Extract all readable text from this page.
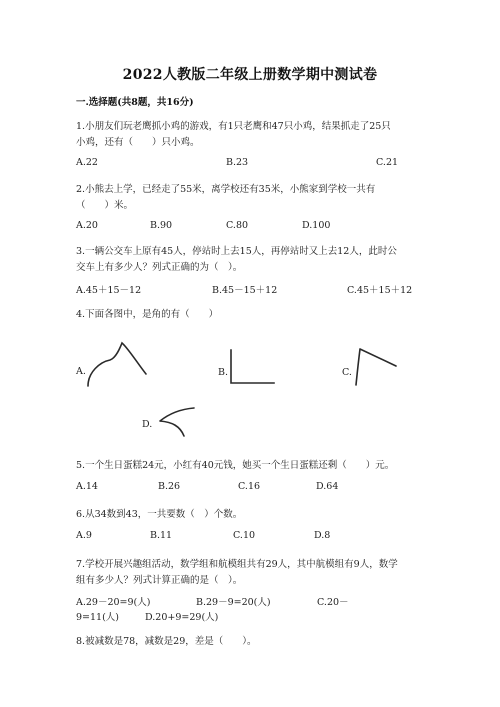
2022人教版二年级上册数学期中测试卷
一.选择题(共8题，共16分)
1.小朋友们玩老鹰抓小鸡的游戏，有1只老鹰和47只小鸡，结果抓走了25只
小鸡，还有（　　）只小鸡。
A.22	B.23	C.21
2.小熊去上学，已经走了55米，离学校还有35米，小熊家到学校一共有
（　　）米。
A.20	B.90	C.80	D.100
3.一辆公交车上原有45人，停站时上去15人，再停站时又上去12人，此时公
交车上有多少人？列式正确的为（　）。
A.45＋15－12	B.45－15＋12	C.45＋15＋12
4.下面各图中，是角的有（　　）
A.	B.	C.
D.
5.一个生日蛋糕24元，小红有40元钱，她买一个生日蛋糕还剩（　　）元。
A.14	B.26	C.16	D.64
6.从34数到43，一共要数（　）个数。
A.9	B.11	C.10	D.8
7.学校开展兴趣组活动，数学组和航模组共有29人，其中航模组有9人，数学
组有多少人？列式计算正确的是（　）。
A.29－20=9(人)	B.29－9=20(人)	C.20－
9=11(人)	D.20+9=29(人)
8.被减数是78，减数是29，差是（　　）。
